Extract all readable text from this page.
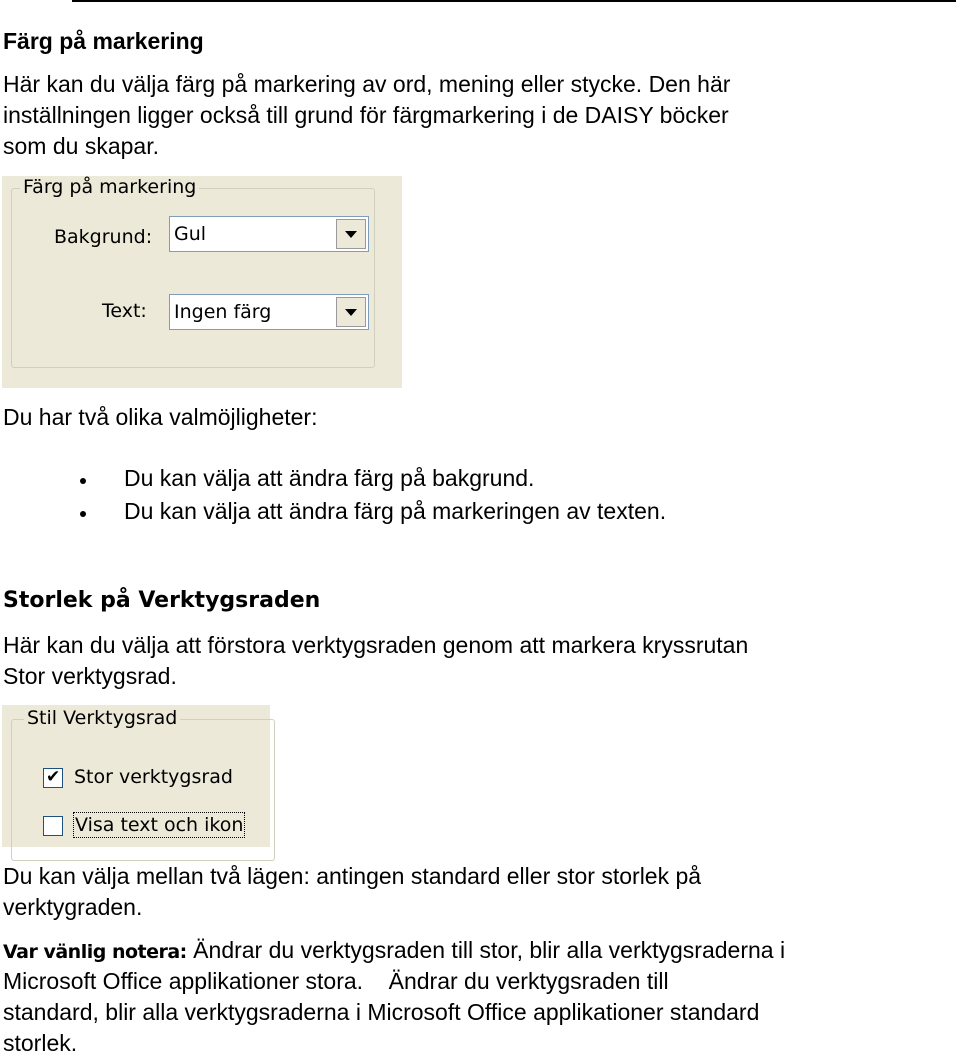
Färg på markering

Här kan du välja färg på markering av ord, mening eller stycke. Den här

inställningen ligger också till grund för färgmarkering i de DAISY böcker

som du skapar.

Färg på markering
Bakgrund: Gul
Text: Ingen färg

Du har två olika valmöjligheter:

Du kan välja att ändra färg på bakgrund.
Du kan välja att ändra färg på markeringen av texten.
Storlek på Verktygsraden

Här kan du välja att förstora verktygsraden genom att markera kryssrutan

Stor verktygsrad.

Stil Verktygsrad
✔ Stor verktygsrad
Visa text och ikon

Du kan välja mellan två lägen: antingen standard eller stor storlek på

verktygraden.

Var vänlig notera: Ändrar du verktygsraden till stor, blir alla verktygsraderna i

Microsoft Office applikationer stora.    Ändrar du verktygsraden till

standard, blir alla verktygsraderna i Microsoft Office applikationer standard

storlek.
